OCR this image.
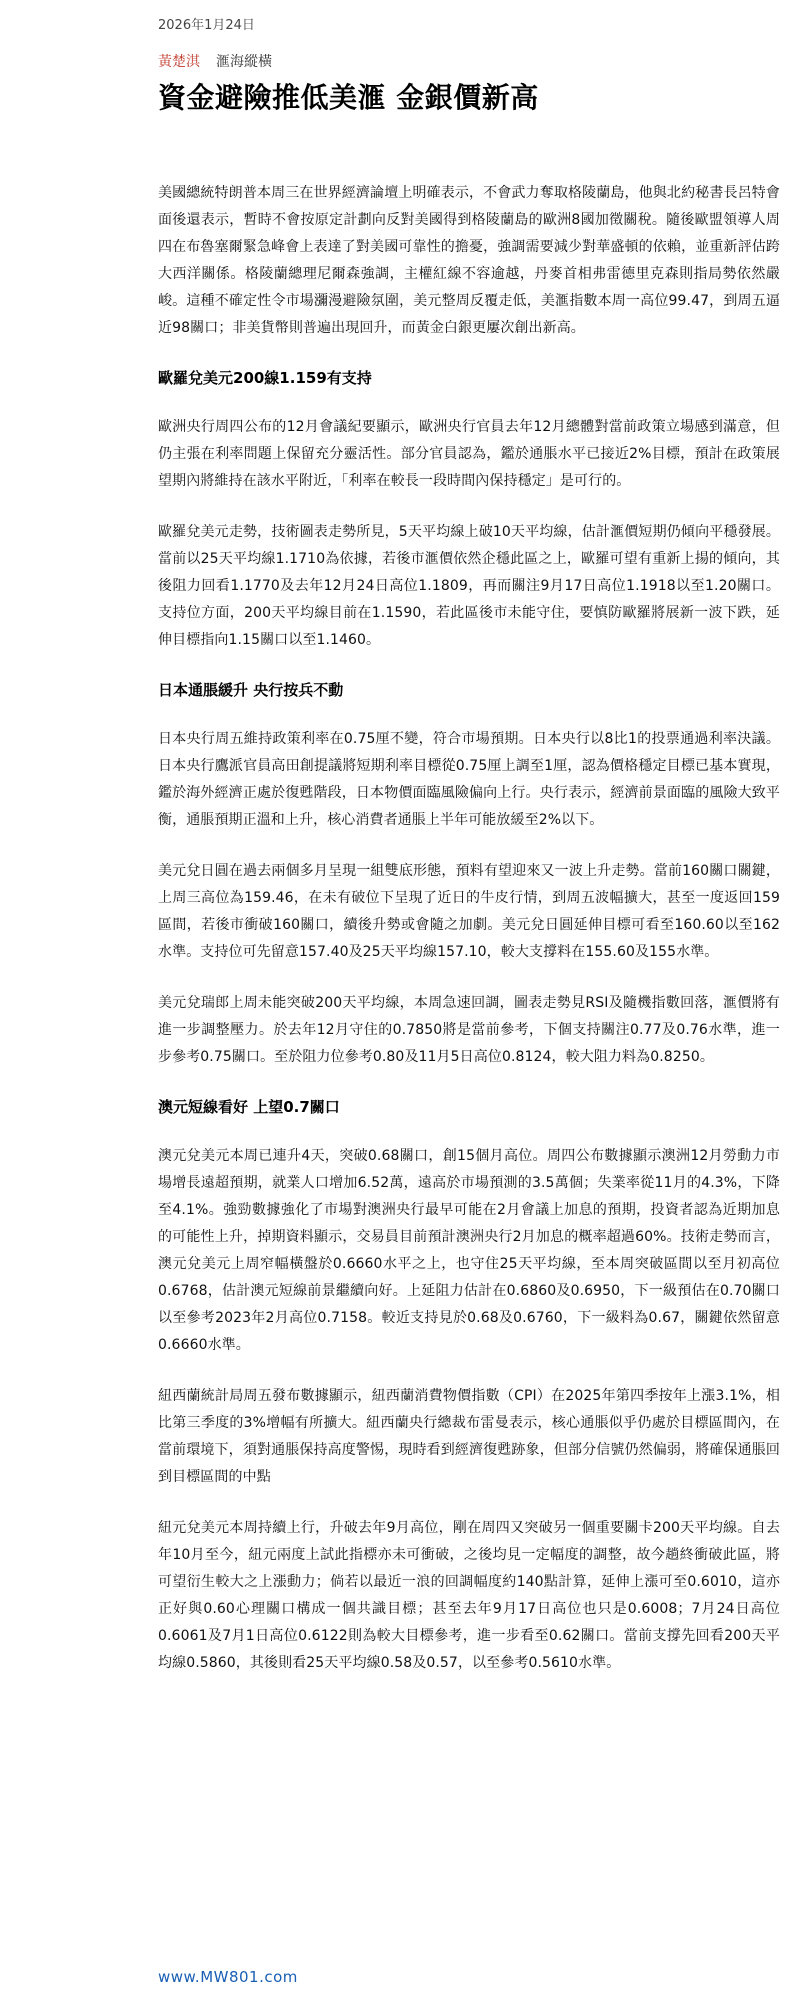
2026年1月24日
黃楚淇 滙海縱橫
資金避險推低美滙 金銀價新高

美國總統特朗普本周三在世界經濟論壇上明確表示，不會武力奪取格陵蘭島，他與北約秘書長呂特會面後還表示，暫時不會按原定計劃向反對美國得到格陵蘭島的歐洲8國加徵關稅。隨後歐盟領導人周四在布魯塞爾緊急峰會上表達了對美國可靠性的擔憂，強調需要減少對華盛頓的依賴，並重新評估跨大西洋關係。格陵蘭總理尼爾森強調，主權紅線不容逾越，丹麥首相弗雷德里克森則指局勢依然嚴峻。這種不確定性令市場瀰漫避險氛圍，美元整周反覆走低，美滙指數本周一高位99.47，到周五逼近98關口；非美貨幣則普遍出現回升，而黃金白銀更屢次創出新高。

歐羅兌美元200線1.159有支持

歐洲央行周四公布的12月會議紀要顯示，歐洲央行官員去年12月總體對當前政策立場感到滿意，但仍主張在利率問題上保留充分靈活性。部分官員認為，鑑於通脹水平已接近2%目標，預計在政策展望期內將維持在該水平附近，「利率在較長一段時間內保持穩定」是可行的。

歐羅兌美元走勢，技術圖表走勢所見，5天平均線上破10天平均線，估計滙價短期仍傾向平穩發展。當前以25天平均線1.1710為依據，若後市滙價依然企穩此區之上，歐羅可望有重新上揚的傾向，其後阻力回看1.1770及去年12月24日高位1.1809，再而關注9月17日高位1.1918以至1.20關口。支持位方面，200天平均線目前在1.1590，若此區後市未能守住，要慎防歐羅將展新一波下跌，延伸目標指向1.15關口以至1.1460。

日本通脹緩升 央行按兵不動

日本央行周五維持政策利率在0.75厘不變，符合市場預期。日本央行以8比1的投票通過利率決議。日本央行鷹派官員高田創提議將短期利率目標從0.75厘上調至1厘，認為價格穩定目標已基本實現，鑑於海外經濟正處於復甦階段，日本物價面臨風險偏向上行。央行表示，經濟前景面臨的風險大致平衡，通脹預期正溫和上升，核心消費者通脹上半年可能放緩至2%以下。

美元兌日圓在過去兩個多月呈現一組雙底形態，預料有望迎來又一波上升走勢。當前160關口關鍵，上周三高位為159.46，在未有破位下呈現了近日的牛皮行情，到周五波幅擴大，甚至一度返回159區間，若後市衝破160關口，續後升勢或會隨之加劇。美元兌日圓延伸目標可看至160.60以至162水準。支持位可先留意157.40及25天平均線157.10，較大支撐料在155.60及155水準。

美元兌瑞郎上周未能突破200天平均線，本周急速回調，圖表走勢見RSI及隨機指數回落，滙價將有進一步調整壓力。於去年12月守住的0.7850將是當前參考，下個支持關注0.77及0.76水準，進一步參考0.75關口。至於阻力位參考0.80及11月5日高位0.8124，較大阻力料為0.8250。

澳元短線看好 上望0.7關口

澳元兌美元本周已連升4天，突破0.68關口，創15個月高位。周四公布數據顯示澳洲12月勞動力市場增長遠超預期，就業人口增加6.52萬，遠高於市場預測的3.5萬個；失業率從11月的4.3%，下降至4.1%。強勁數據強化了市場對澳洲央行最早可能在2月會議上加息的預期，投資者認為近期加息的可能性上升，掉期資料顯示，交易員目前預計澳洲央行2月加息的概率超過60%。技術走勢而言，澳元兌美元上周窄幅橫盤於0.6660水平之上，也守住25天平均線，至本周突破區間以至月初高位0.6768，估計澳元短線前景繼續向好。上延阻力估計在0.6860及0.6950，下一級預估在0.70關口以至參考2023年2月高位0.7158。較近支持見於0.68及0.6760，下一級料為0.67，關鍵依然留意0.6660水準。

紐西蘭統計局周五發布數據顯示，紐西蘭消費物價指數（CPI）在2025年第四季按年上漲3.1%，相比第三季度的3%增幅有所擴大。紐西蘭央行總裁布雷曼表示，核心通脹似乎仍處於目標區間內，在當前環境下，須對通脹保持高度警惕，現時看到經濟復甦跡象，但部分信號仍然偏弱，將確保通脹回到目標區間的中點

紐元兌美元本周持續上行，升破去年9月高位，剛在周四又突破另一個重要關卡200天平均線。自去年10月至今，紐元兩度上試此指標亦未可衝破，之後均見一定幅度的調整，故今趟終衝破此區，將可望衍生較大之上漲動力；倘若以最近一浪的回調幅度約140點計算，延伸上漲可至0.6010，這亦正好與0.60心理關口構成一個共識目標；甚至去年9月17日高位也只是0.6008；7月24日高位0.6061及7月1日高位0.6122則為較大目標參考，進一步看至0.62關口。當前支撐先回看200天平均線0.5860，其後則看25天平均線0.58及0.57，以至參考0.5610水準。

www.MW801.com
